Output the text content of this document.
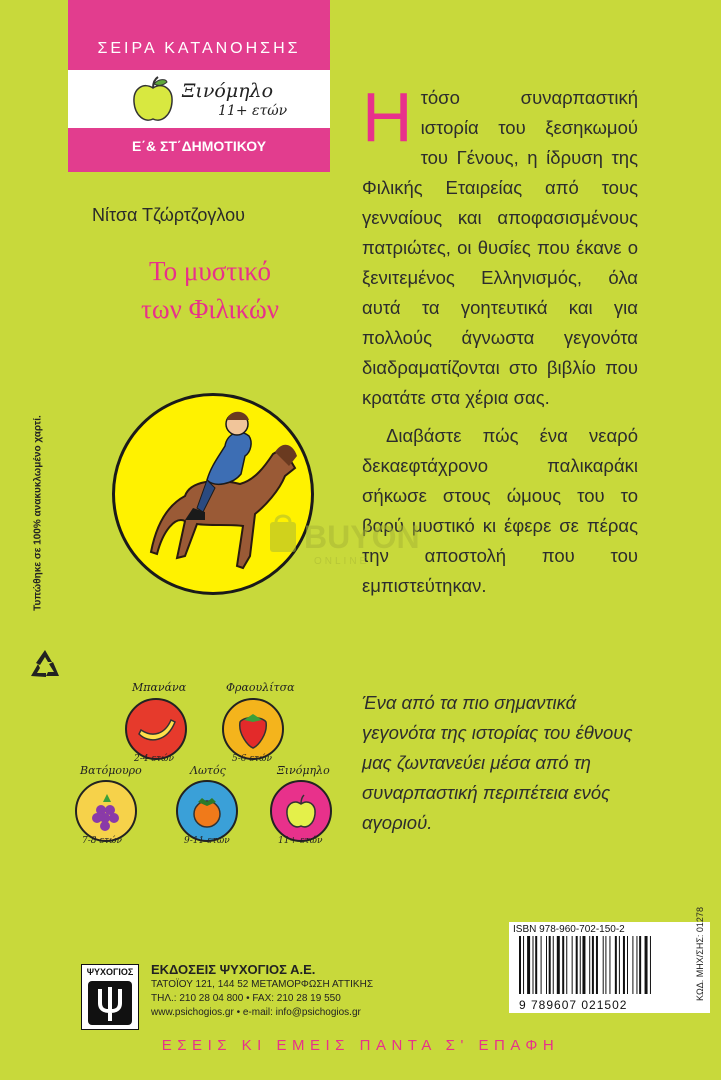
ΣΕΙΡΑ ΚΑΤΑΝΟΗΣΗΣ
Ξινόμηλο
11+ ετών
Ε΄& ΣΤ΄ΔΗΜΟΤΙΚΟΥ
Νίτσα Τζώρτζογλου
Το μυστικό
των Φιλικών
Τυπώθηκε σε 100% ανακυκλωμένο χαρτί.
Μπανάνα
2-4 ετών
Φραουλίτσα
5-6 ετών
Βατόμουρο
7-8 ετών
Λωτός
9-11 ετών
Ξινόμηλο
11+ ετών
Ητόσο συναρπαστική ιστορία του ξεσηκωμού του Γένους, η ίδρυση της Φιλικής Εταιρείας από τους γενναίους και αποφασισμένους πατριώτες, οι θυσίες που έκανε ο ξενιτεμένος Ελληνισμός, όλα αυτά τα γοητευτικά και για πολλούς άγνωστα γεγονότα διαδραματίζονται στο βιβλίο που κρατάτε στα χέρια σας.

Διαβάστε πώς ένα νεαρό δεκαεφτάχρονο παλικαράκι σήκωσε στους ώμους του το βαρύ μυστικό κι έφερε σε πέρας την αποστολή που του εμπιστεύτηκαν.

Ένα από τα πιο σημαντικά γεγονότα της ιστορίας του έθνους μας ζωντανεύει μέσα από τη συναρπαστική περιπέτεια ενός αγοριού.
BUYON
ONLINE
ISBN 978-960-702-150-2
9 789607 021502
ΚΩΔ. ΜΗΧ/ΣΗΣ: 01278
ΨΥΧΟΓΙΟΣ	ΕΚΔΟΣΕΙΣ ΨΥΧΟΓΙΟΣ Α.Ε.
ΤΑΤΟΪΟΥ 121, 144 52 ΜΕΤΑΜΟΡΦΩΣΗ ΑΤΤΙΚΗΣ
ΤΗΛ.: 210 28 04 800 • FAX: 210 28 19 550
www.psichogios.gr • e-mail: info@psichogios.gr
ΕΣΕΙΣ ΚΙ ΕΜΕΙΣ ΠΑΝΤΑ Σ' ΕΠΑΦΗ
